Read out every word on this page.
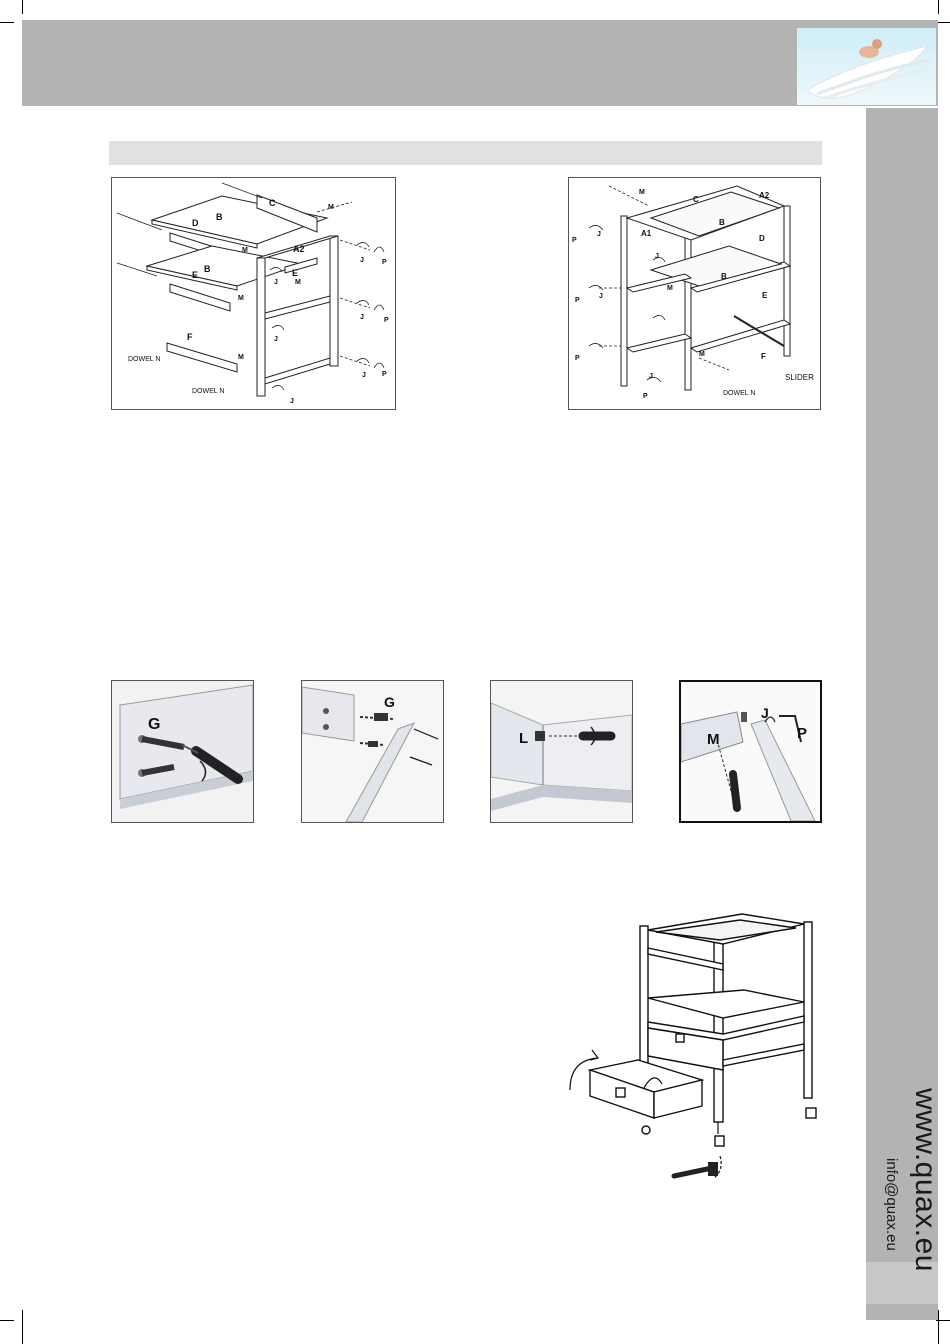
www.quax.eu
info@quax.eu
B
C
D
B
A2
E	E
F
M
M
M
M
M
J
J
J
J
J
J
P
P
P
DOWEL N
DOWEL N
A1
A2
B
B
C
D
E
F
M
M
M
J
J
J
J
P
P
P
P	DOWEL N
SLIDER
G
G
L	M
J
P
